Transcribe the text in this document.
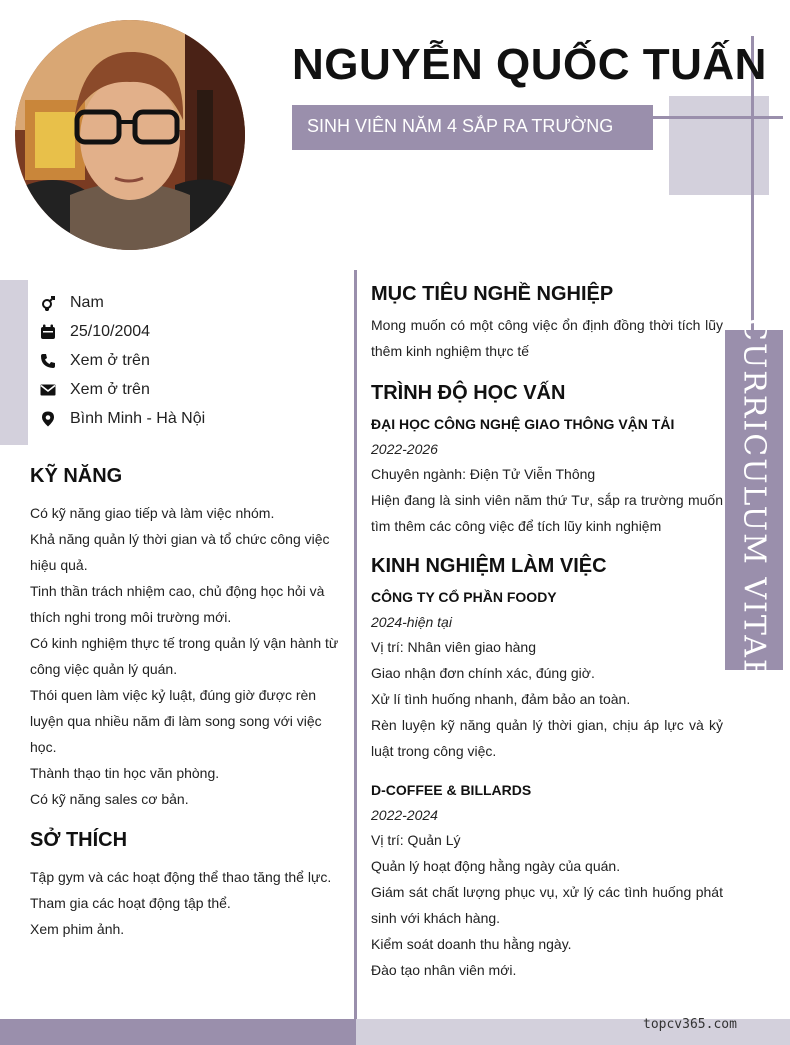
NGUYỄN QUỐC TUẤN
SINH VIÊN NĂM 4 SẮP RA TRƯỜNG
CURRICULUM VITAE
Nam
25/10/2004
Xem ở trên
Xem ở trên
Bình Minh - Hà Nội
KỸ NĂNG
Có kỹ năng giao tiếp và làm việc nhóm.
Khả năng quản lý thời gian và tổ chức công việc hiệu quả.
Tinh thần trách nhiệm cao, chủ động học hỏi và thích nghi trong môi trường mới.
Có kinh nghiệm thực tế trong quản lý vận hành từ công việc quản lý quán.
Thói quen làm việc kỷ luật, đúng giờ được rèn luyện qua nhiều năm đi làm song song với việc học.
Thành thạo tin học văn phòng.
Có kỹ năng sales cơ bản.
SỞ THÍCH
Tập gym và các hoạt động thể thao tăng thể lực.
Tham gia các hoạt động tập thể.
Xem phim ảnh.
MỤC TIÊU NGHỀ NGHIỆP
Mong muốn có một công việc ổn định đồng thời tích lũy thêm kinh nghiệm thực tế
TRÌNH ĐỘ HỌC VẤN
ĐẠI HỌC CÔNG NGHỆ GIAO THÔNG VẬN TẢI
2022-2026
Chuyên ngành: Điện Tử Viễn Thông
Hiện đang là sinh viên năm thứ Tư, sắp ra trường muốn tìm thêm các công việc để tích lũy kinh nghiệm
KINH NGHIỆM LÀM VIỆC
CÔNG TY CỔ PHẦN FOODY
2024-hiện tại
Vị trí: Nhân viên giao hàng
Giao nhận đơn chính xác, đúng giờ.
Xử lí tình huống nhanh, đảm bảo an toàn.
Rèn luyện kỹ năng quản lý thời gian, chịu áp lực và kỷ luật trong công việc.
D-COFFEE & BILLARDS
2022-2024
Vị trí: Quản Lý
Quản lý hoạt động hằng ngày của quán.
Giám sát chất lượng phục vụ, xử lý các tình huống phát sinh với khách hàng.
Kiểm soát doanh thu hằng ngày.
Đào tạo nhân viên mới.
topcv365.com
